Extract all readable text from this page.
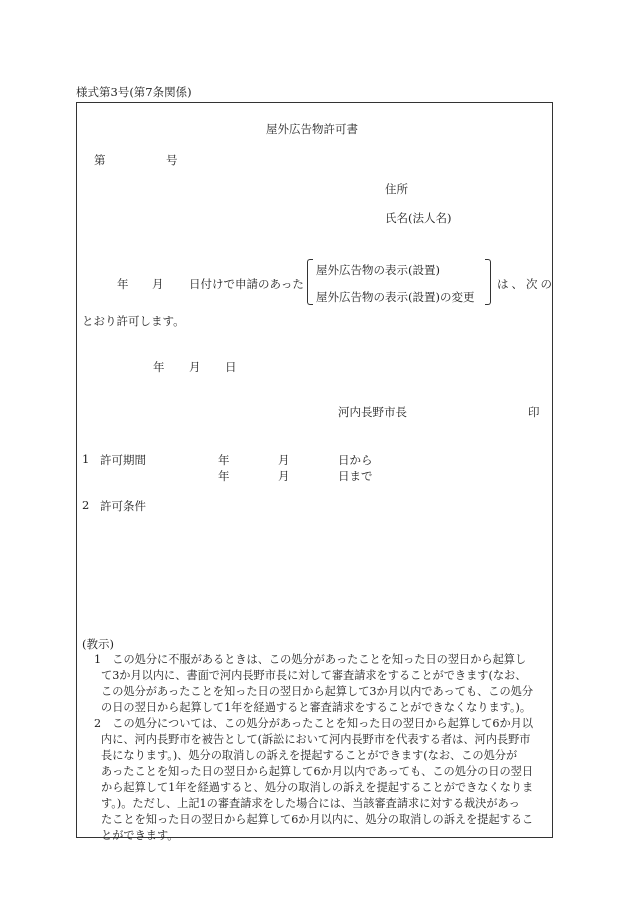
様式第3号(第7条関係)
屋外広告物許可書
第	号
住所
氏名(法人名)
年 月 日付けで申請のあった
屋外広告物の表示(設置)
屋外広告物の表示(設置)の変更
は、次の
とおり許可します。
年 月 日
河内長野市長	印
1 許可期間	年	月	日から
年	月	日まで
2 許可条件
(教示)
1　この処分に不服があるときは、この処分があったことを知った日の翌日から起算し
て3か月以内に、書面で河内長野市長に対して審査請求をすることができます(なお、
この処分があったことを知った日の翌日から起算して3か月以内であっても、この処分
の日の翌日から起算して1年を経過すると審査請求をすることができなくなります。)。
2　この処分については、この処分があったことを知った日の翌日から起算して6か月以
内に、河内長野市を被告として(訴訟において河内長野市を代表する者は、河内長野市
長になります。)、処分の取消しの訴えを提起することができます(なお、この処分が
あったことを知った日の翌日から起算して6か月以内であっても、この処分の日の翌日
から起算して1年を経過すると、処分の取消しの訴えを提起することができなくなりま
す。)。ただし、上記1の審査請求をした場合には、当該審査請求に対する裁決があっ
たことを知った日の翌日から起算して6か月以内に、処分の取消しの訴えを提起するこ
とができます。
